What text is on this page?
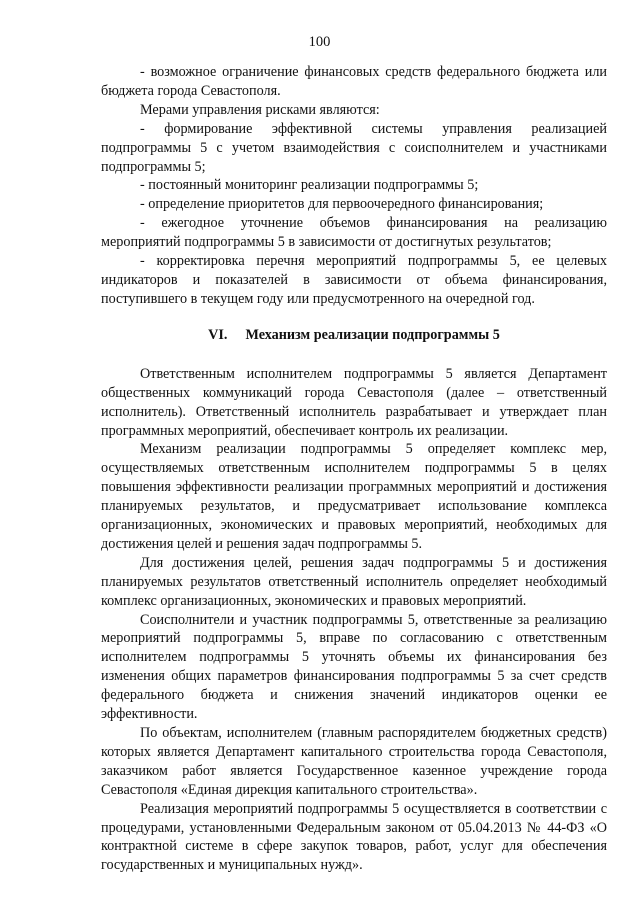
100

- возможное ограничение финансовых средств федерального бюджета или бюджета города Севастополя.

Мерами управления рисками являются:

- формирование эффективной системы управления реализацией подпрограммы 5 с учетом взаимодействия с соисполнителем и участниками подпрограммы 5;

- постоянный мониторинг реализации подпрограммы 5;

- определение приоритетов для первоочередного финансирования;

- ежегодное уточнение объемов финансирования на реализацию мероприятий подпрограммы 5 в зависимости от достигнутых результатов;

- корректировка перечня мероприятий подпрограммы 5, ее целевых индикаторов и показателей в зависимости от объема финансирования, поступившего в текущем году или предусмотренного на очередной год.

VI. Механизм реализации подпрограммы 5

Ответственным исполнителем подпрограммы 5 является Департамент общественных коммуникаций города Севастополя (далее – ответственный исполнитель). Ответственный исполнитель разрабатывает и утверждает план программных мероприятий, обеспечивает контроль их реализации.

Механизм реализации подпрограммы 5 определяет комплекс мер, осуществляемых ответственным исполнителем подпрограммы 5 в целях повышения эффективности реализации программных мероприятий и достижения планируемых результатов, и предусматривает использование комплекса организационных, экономических и правовых мероприятий, необходимых для достижения целей и решения задач подпрограммы 5.

Для достижения целей, решения задач подпрограммы 5 и достижения планируемых результатов ответственный исполнитель определяет необходимый комплекс организационных, экономических и правовых мероприятий.

Соисполнители и участник подпрограммы 5, ответственные за реализацию мероприятий подпрограммы 5, вправе по согласованию с ответственным исполнителем подпрограммы 5 уточнять объемы их финансирования без изменения общих параметров финансирования подпрограммы 5 за счет средств федерального бюджета и снижения значений индикаторов оценки ее эффективности.

По объектам, исполнителем (главным распорядителем бюджетных средств) которых является Департамент капитального строительства города Севастополя, заказчиком работ является Государственное казенное учреждение города Севастополя «Единая дирекция капитального строительства».

Реализация мероприятий подпрограммы 5 осуществляется в соответствии с процедурами, установленными Федеральным законом от 05.04.2013 № 44-ФЗ «О контрактной системе в сфере закупок товаров, работ, услуг для обеспечения государственных и муниципальных нужд».
